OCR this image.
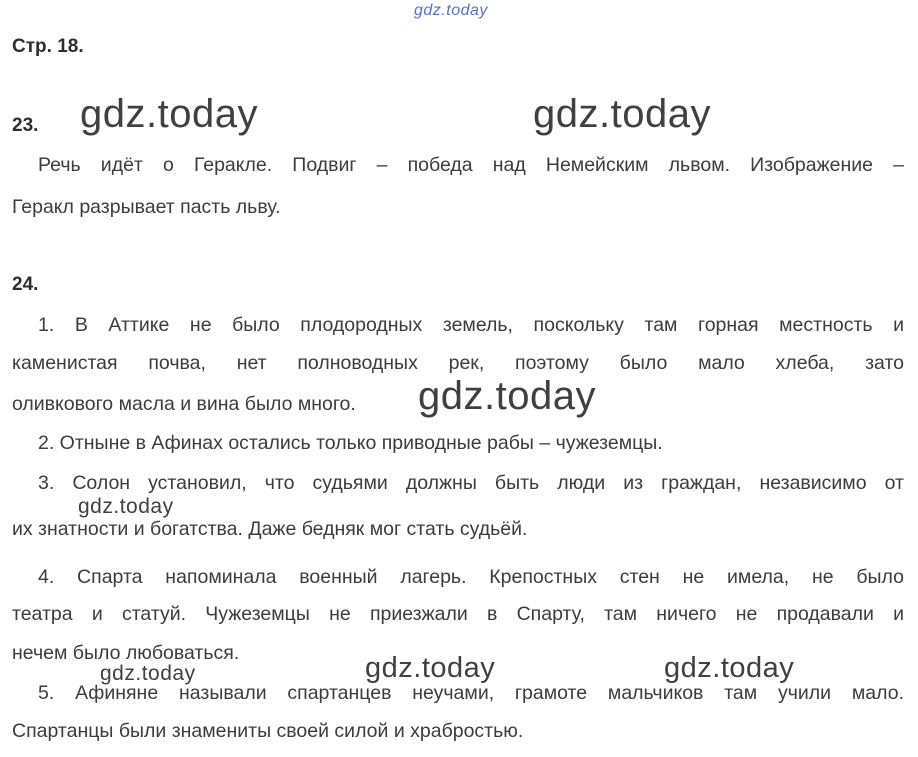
gdz.today
Стр. 18.
23. gdz.today	gdz.today
Речь идёт о Геракле. Подвиг – победа над Немейским львом. Изображение –
Геракл разрывает пасть льву.
24.
1. В Аттике не было плодородных земель, поскольку там горная местность и
каменистая почва, нет полноводных рек, поэтому было мало хлеба, зато
оливкового масла и вина было много. gdz.today
2. Отныне в Афинах остались только приводные рабы – чужеземцы.
3. Солон установил, что судьями должны быть люди из граждан, независимо от
gdz.today
их знатности и богатства. Даже бедняк мог стать судьёй.
4. Спарта напоминала военный лагерь. Крепостных стен не имела, не было
театра и статуй. Чужеземцы не приезжали в Спарту, там ничего не продавали и
нечем было любоваться.
gdz.today	gdz.today	gdz.today
5. Афиняне называли спартанцев неучами, грамоте мальчиков там учили мало.
Спартанцы были знамениты своей силой и храбростью.
